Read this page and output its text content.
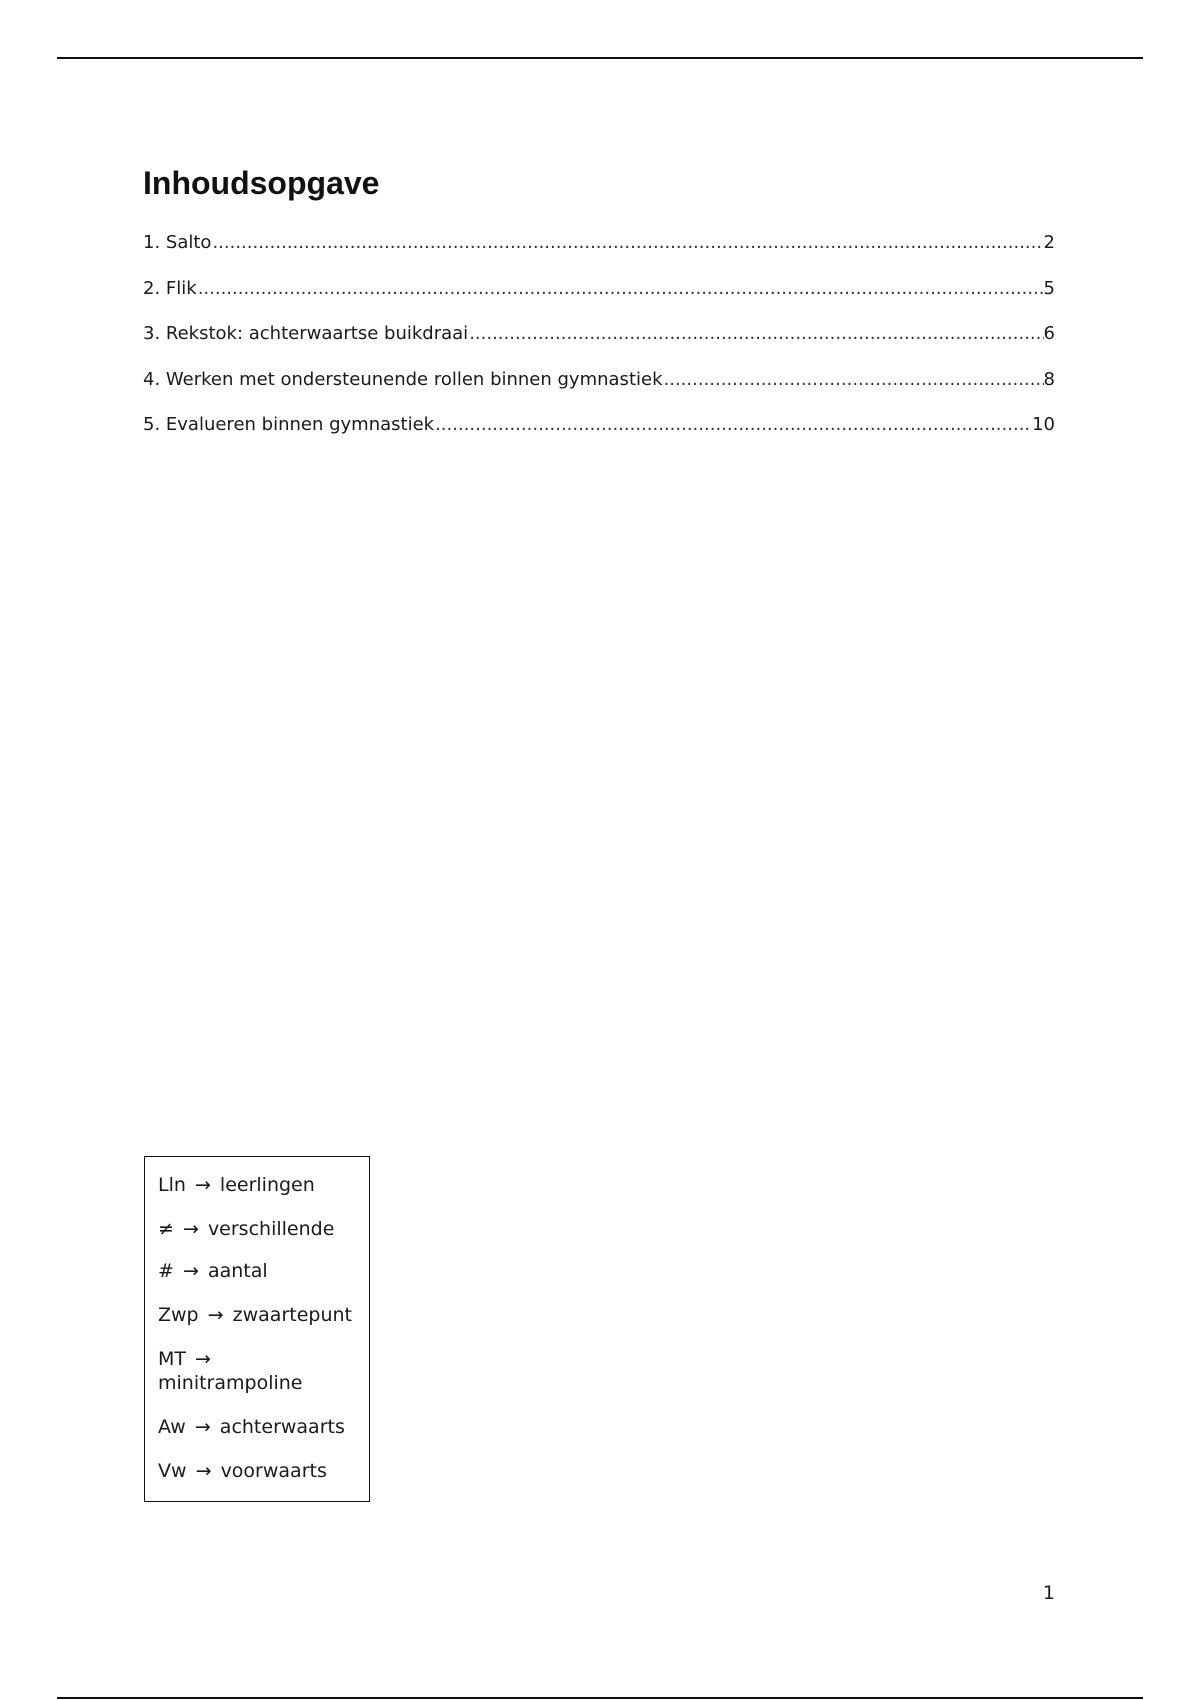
Inhoudsopgave
1. Salto .....	2
2. Flik .....	5
3. Rekstok: achterwaartse buikdraai .....	6
4. Werken met ondersteunende rollen binnen gymnastiek .....	8
5. Evalueren binnen gymnastiek .....	10
Lln → leerlingen
≠ → verschillende
# → aantal
Zwp → zwaartepunt
MT → minitrampoline
Aw → achterwaarts
Vw → voorwaarts
1
